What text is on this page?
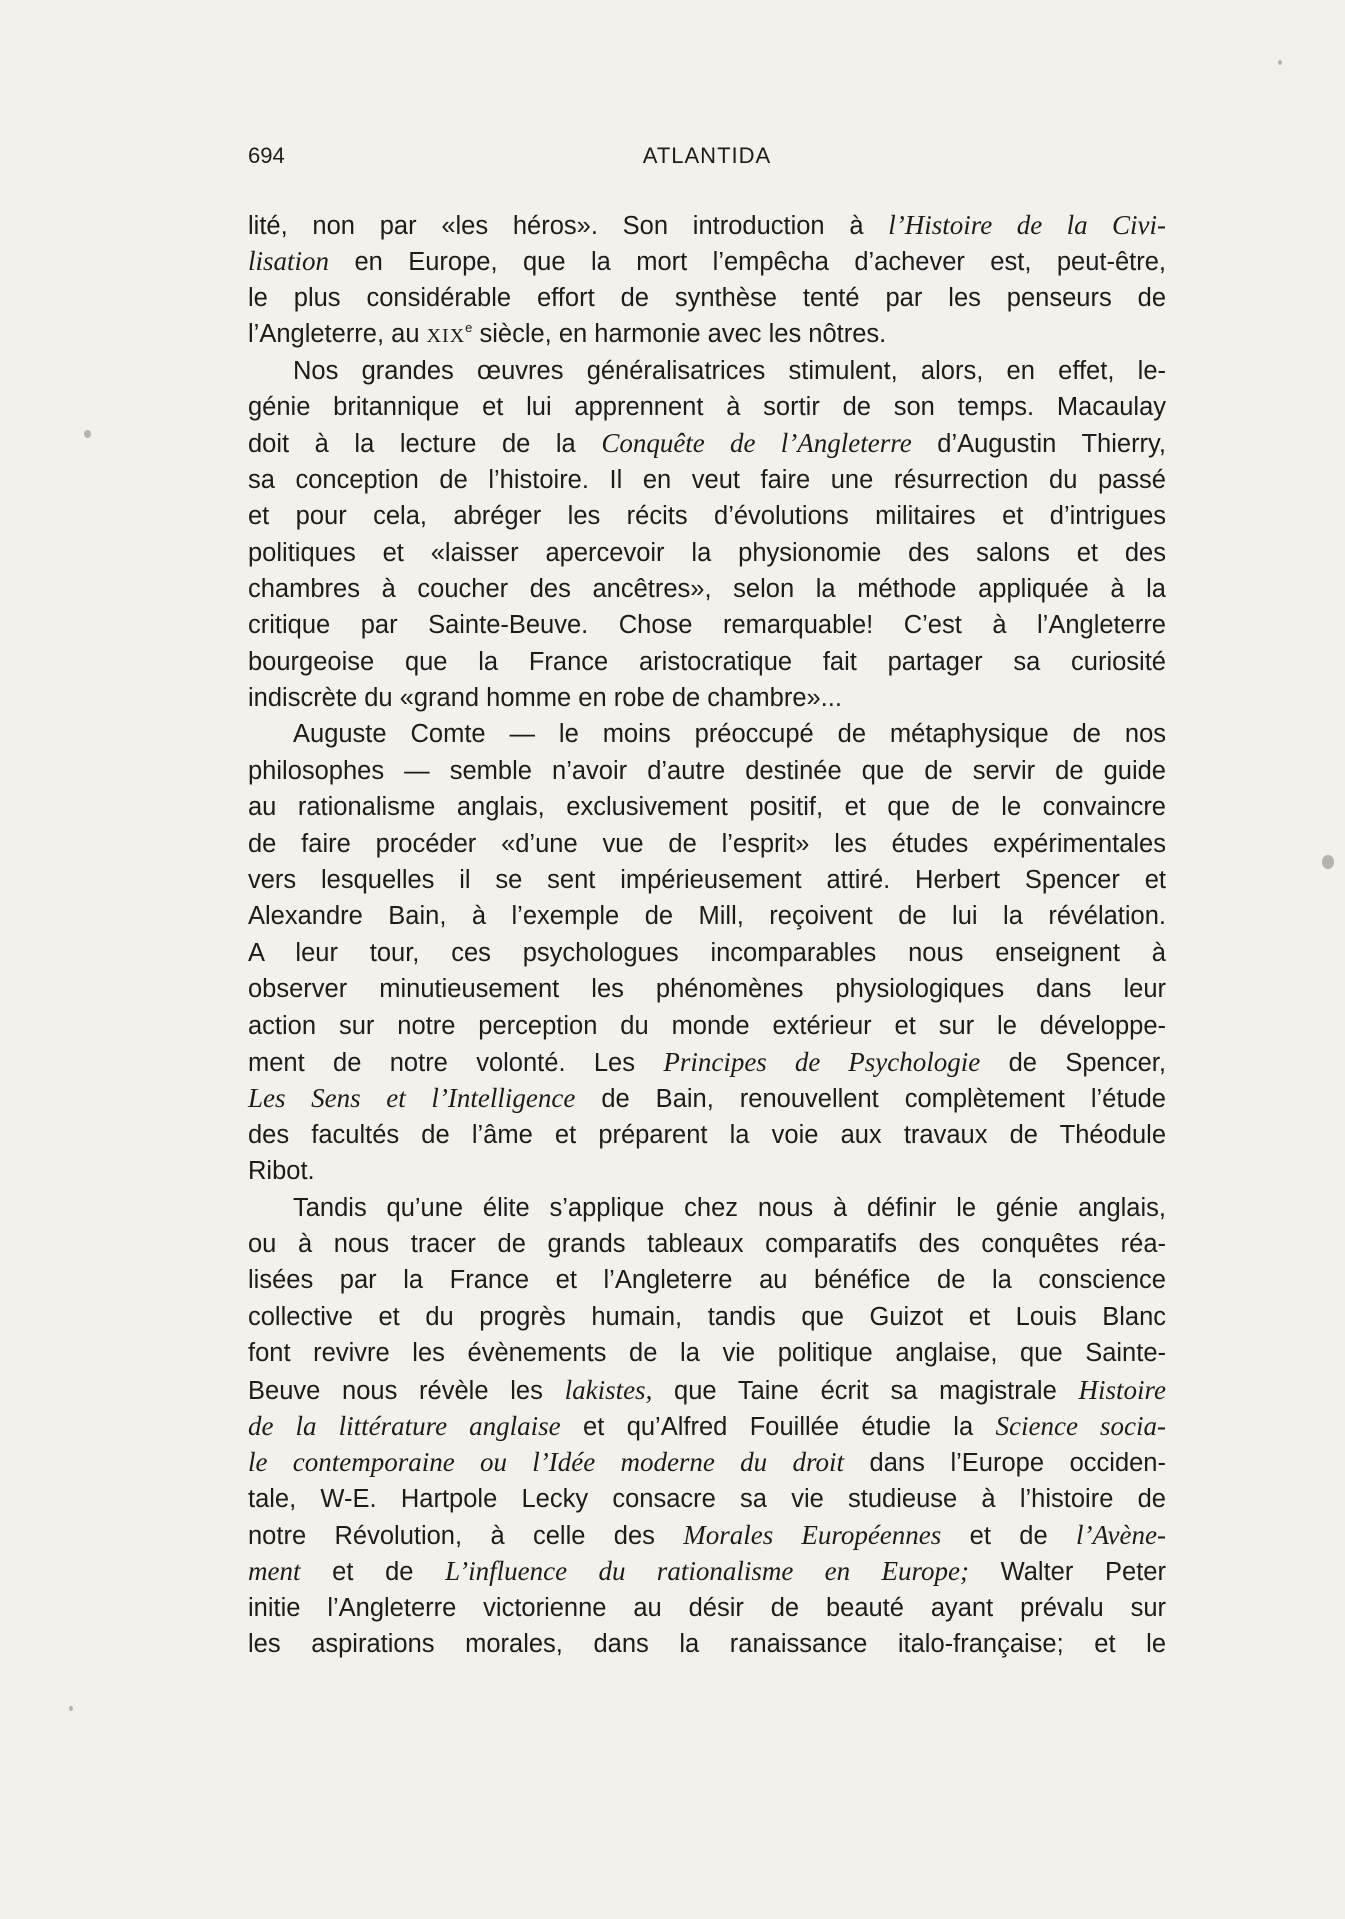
694	ATLANTIDA
lité, non par «les héros». Son introduction à l’Histoire de la Civi-
lisation en Europe, que la mort l’empêcha d’achever est, peut-être,
le plus considérable effort de synthèse tenté par les penseurs de
l’Angleterre, au XIXe siècle, en harmonie avec les nôtres.
Nos grandes œuvres généralisatrices stimulent, alors, en effet, le-
génie britannique et lui apprennent à sortir de son temps. Macaulay
doit à la lecture de la Conquête de l’Angleterre d’Augustin Thierry,
sa conception de l’histoire. Il en veut faire une résurrection du passé
et pour cela, abréger les récits d’évolutions militaires et d’intrigues
politiques et «laisser apercevoir la physionomie des salons et des
chambres à coucher des ancêtres», selon la méthode appliquée à la
critique par Sainte-Beuve. Chose remarquable! C’est à l’Angleterre
bourgeoise que la France aristocratique fait partager sa curiosité
indiscrète du «grand homme en robe de chambre»...
Auguste Comte — le moins préoccupé de métaphysique de nos
philosophes — semble n’avoir d’autre destinée que de servir de guide
au rationalisme anglais, exclusivement positif, et que de le convaincre
de faire procéder «d’une vue de l’esprit» les études expérimentales
vers lesquelles il se sent impérieusement attiré. Herbert Spencer et
Alexandre Bain, à l’exemple de Mill, reçoivent de lui la révélation.
A leur tour, ces psychologues incomparables nous enseignent à
observer minutieusement les phénomènes physiologiques dans leur
action sur notre perception du monde extérieur et sur le développe-
ment de notre volonté. Les Principes de Psychologie de Spencer,
Les Sens et l’Intelligence de Bain, renouvellent complètement l’étude
des facultés de l’âme et préparent la voie aux travaux de Théodule
Ribot.
Tandis qu’une élite s’applique chez nous à définir le génie anglais,
ou à nous tracer de grands tableaux comparatifs des conquêtes réa-
lisées par la France et l’Angleterre au bénéfice de la conscience
collective et du progrès humain, tandis que Guizot et Louis Blanc
font revivre les évènements de la vie politique anglaise, que Sainte-
Beuve nous révèle les lakistes, que Taine écrit sa magistrale Histoire
de la littérature anglaise et qu’Alfred Fouillée étudie la Science socia-
le contemporaine ou l’Idée moderne du droit dans l’Europe occiden-
tale, W-E. Hartpole Lecky consacre sa vie studieuse à l’histoire de
notre Révolution, à celle des Morales Européennes et de l’Avène-
ment et de L’influence du rationalisme en Europe; Walter Peter
initie l’Angleterre victorienne au désir de beauté ayant prévalu sur
les aspirations morales, dans la ranaissance italo-française; et le
